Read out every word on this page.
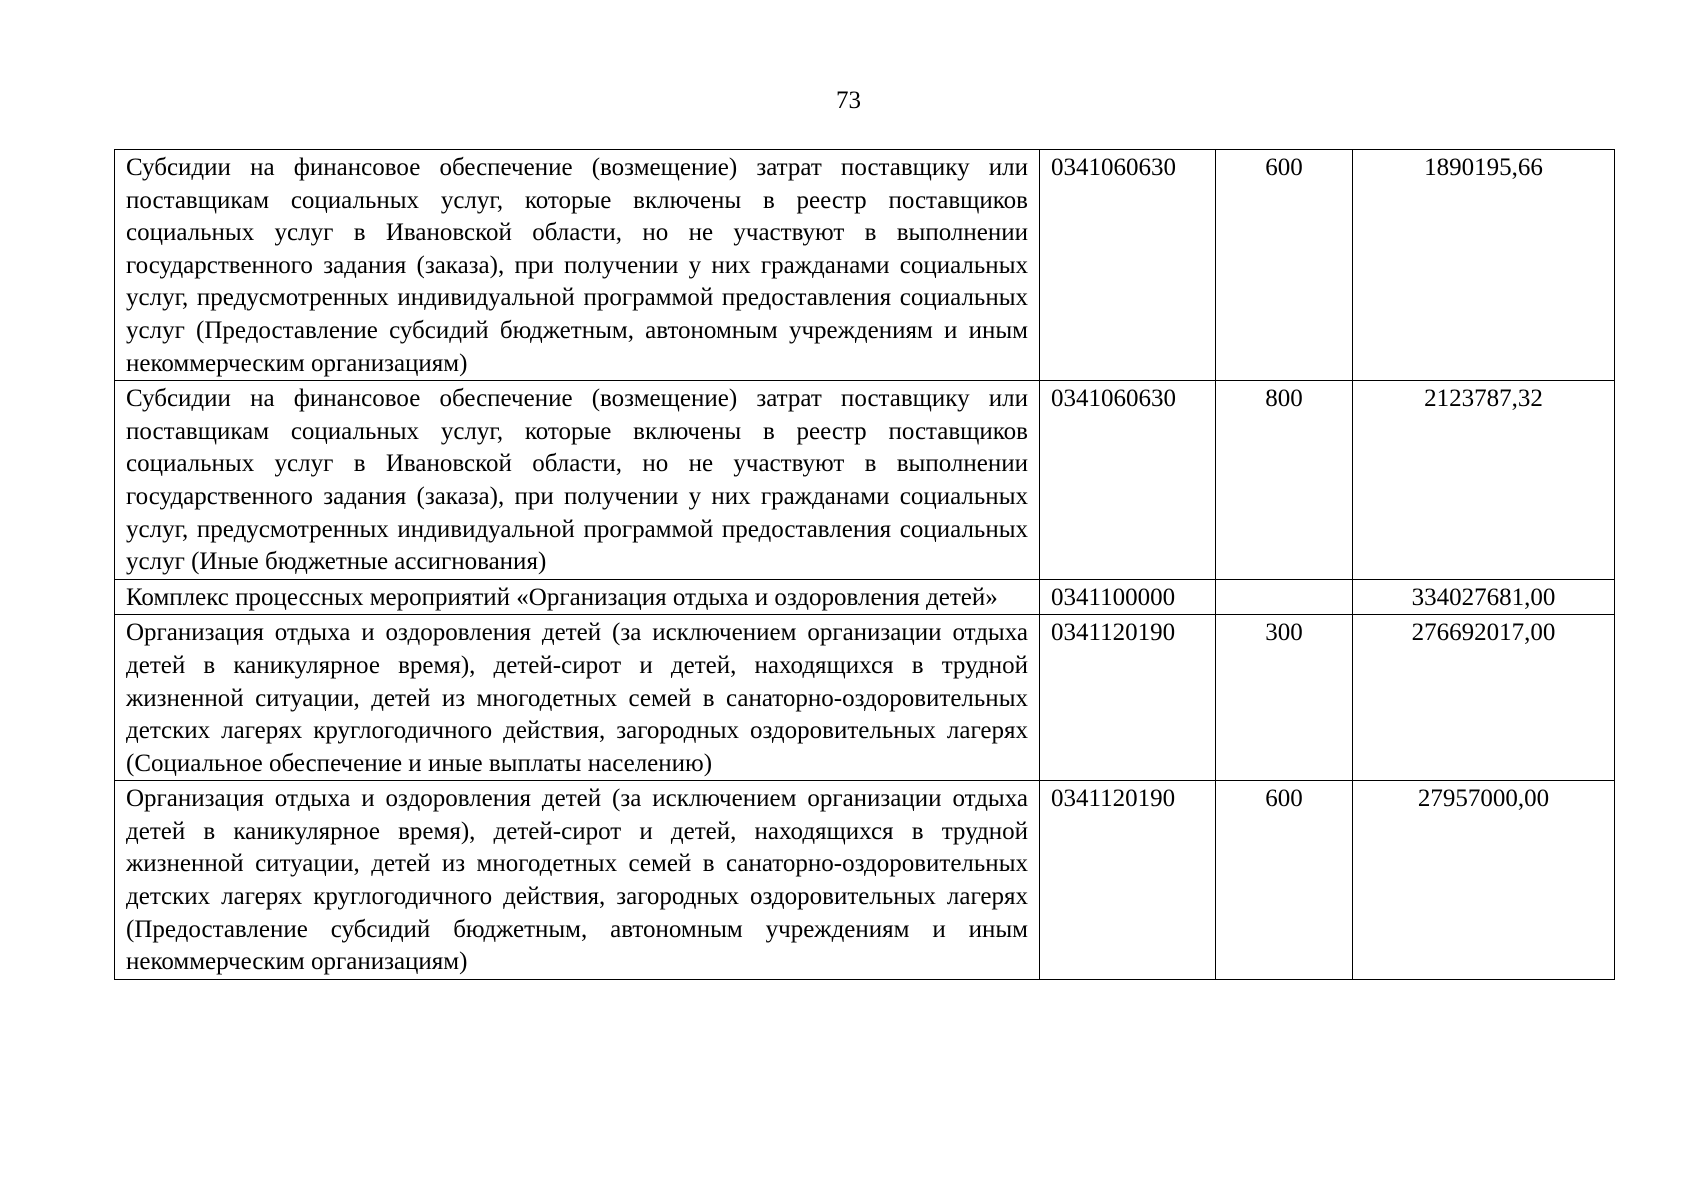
73
Субсидии на финансовое обеспечение (возмещение) затрат поставщику или поставщикам социальных услуг, которые включены в реестр поставщиков социальных услуг в Ивановской области, но не участвуют в выполнении государственного задания (заказа), при получении у них гражданами социальных услуг, предусмотренных индивидуальной программой предоставления социальных услуг (Предоставление субсидий бюджетным, автономным учреждениям и иным некоммерческим организациям)	0341060630	600	1890195,66
Субсидии на финансовое обеспечение (возмещение) затрат поставщику или поставщикам социальных услуг, которые включены в реестр поставщиков социальных услуг в Ивановской области, но не участвуют в выполнении государственного задания (заказа), при получении у них гражданами социальных услуг, предусмотренных индивидуальной программой предоставления социальных услуг (Иные бюджетные ассигнования)	0341060630	800	2123787,32
Комплекс процессных мероприятий «Организация отдыха и оздоровления детей»	0341100000		334027681,00
Организация отдыха и оздоровления детей (за исключением организации отдыха детей в каникулярное время), детей-сирот и детей, находящихся в трудной жизненной ситуации, детей из многодетных семей в санаторно-оздоровительных детских лагерях круглогодичного действия, загородных оздоровительных лагерях (Социальное обеспечение и иные выплаты населению)	0341120190	300	276692017,00
Организация отдыха и оздоровления детей (за исключением организации отдыха детей в каникулярное время), детей-сирот и детей, находящихся в трудной жизненной ситуации, детей из многодетных семей в санаторно-оздоровительных детских лагерях круглогодичного действия, загородных оздоровительных лагерях (Предоставление субсидий бюджетным, автономным учреждениям и иным некоммерческим организациям)	0341120190	600	27957000,00
